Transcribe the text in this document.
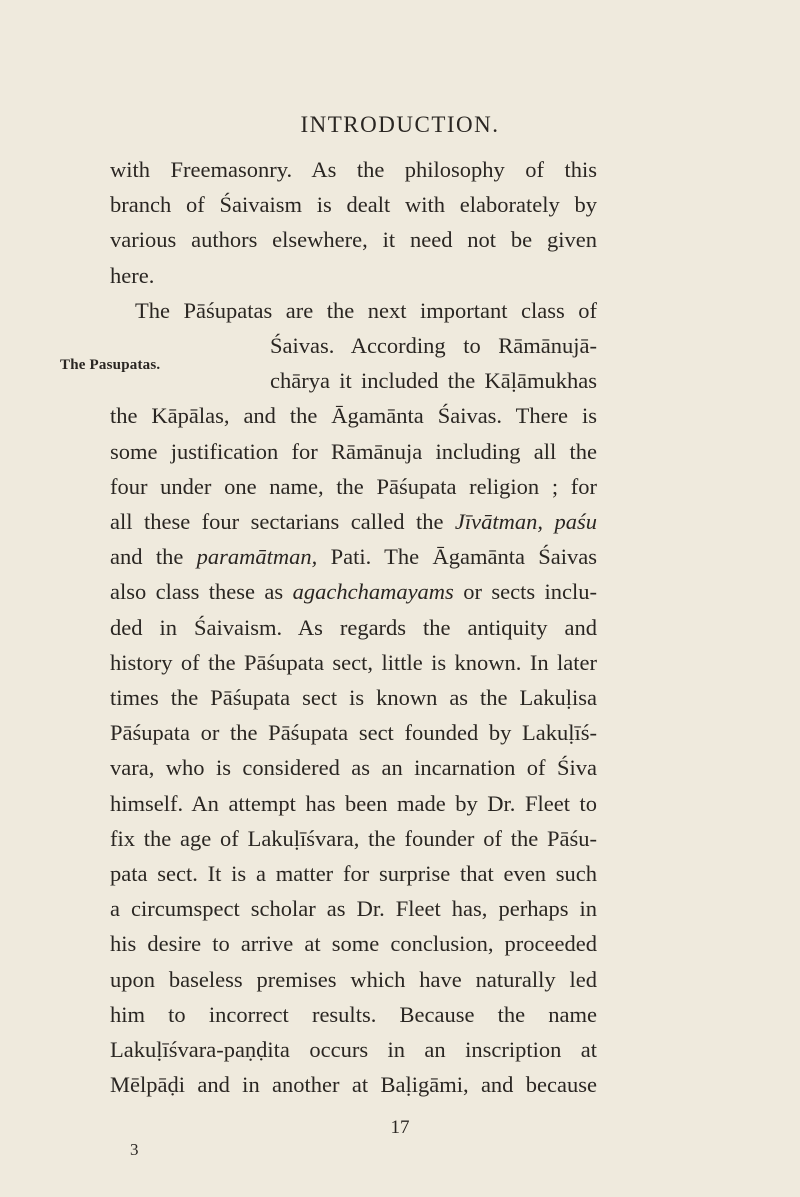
INTRODUCTION.
The Pasupatas.
with Freemasonry. As the philosophy of this
branch of Śaivaism is dealt with elaborately by
various authors elsewhere, it need not be given
here.
The Pāśupatas are the next important class of
Śaivas. According to Rāmānujā-
chārya it included the Kāḷāmukhas
the Kāpālas, and the Āgamānta Śaivas. There is
some justification for Rāmānuja including all the
four under one name, the Pāśupata religion ; for
all these four sectarians called the Jīvātman, paśu
and the paramātman, Pati. The Āgamānta Śaivas
also class these as agachchamayams or sects inclu-
ded in Śaivaism. As regards the antiquity and
history of the Pāśupata sect, little is known. In later
times the Pāśupata sect is known as the Lakuḷisa
Pāśupata or the Pāśupata sect founded by Lakuḷīś-
vara, who is considered as an incarnation of Śiva
himself. An attempt has been made by Dr. Fleet to
fix the age of Lakuḷīśvara, the founder of the Pāśu-
pata sect. It is a matter for surprise that even such
a circumspect scholar as Dr. Fleet has, perhaps in
his desire to arrive at some conclusion, proceeded
upon baseless premises which have naturally led
him to incorrect results. Because the name
Lakuḷīśvara-paṇḍita occurs in an inscription at
Mēlpāḍi and in another at Baḷigāmi, and because
17
3
